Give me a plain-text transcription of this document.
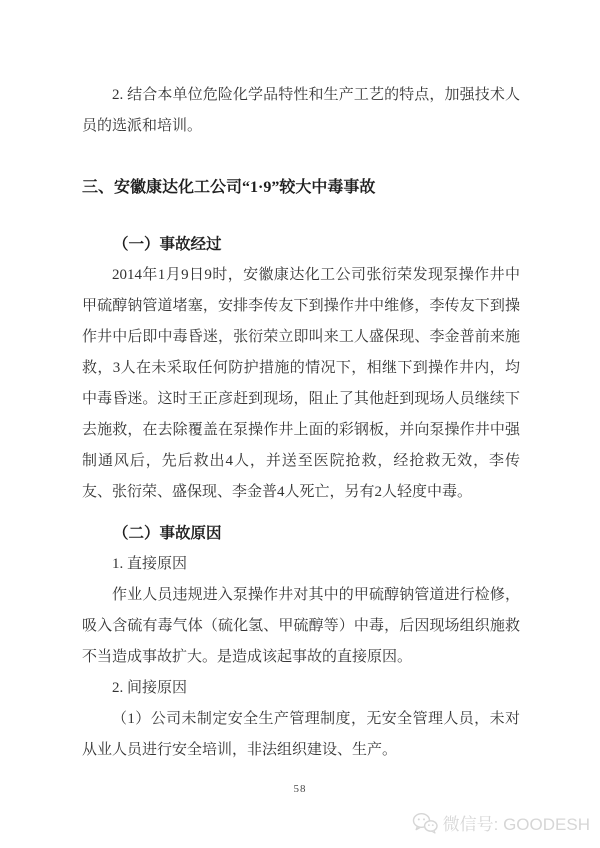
2. 结合本单位危险化学品特性和生产工艺的特点，加强技术人员的选派和培训。
三、安徽康达化工公司“1·9”较大中毒事故
（一）事故经过
2014年1月9日9时，安徽康达化工公司张衍荣发现泵操作井中甲硫醇钠管道堵塞，安排李传友下到操作井中维修，李传友下到操作井中后即中毒昏迷，张衍荣立即叫来工人盛保现、李金普前来施救，3人在未采取任何防护措施的情况下，相继下到操作井内，均中毒昏迷。这时王正彦赶到现场，阻止了其他赶到现场人员继续下去施救，在去除覆盖在泵操作井上面的彩钢板，并向泵操作井中强制通风后，先后救出4人，并送至医院抢救，经抢救无效，李传友、张衍荣、盛保现、李金普4人死亡，另有2人轻度中毒。
（二）事故原因
1. 直接原因
作业人员违规进入泵操作井对其中的甲硫醇钠管道进行检修，吸入含硫有毒气体（硫化氢、甲硫醇等）中毒，后因现场组织施救不当造成事故扩大。是造成该起事故的直接原因。
2. 间接原因
（1）公司未制定安全生产管理制度，无安全管理人员，未对从业人员进行安全培训，非法组织建设、生产。
58
微信号: GOODESH
